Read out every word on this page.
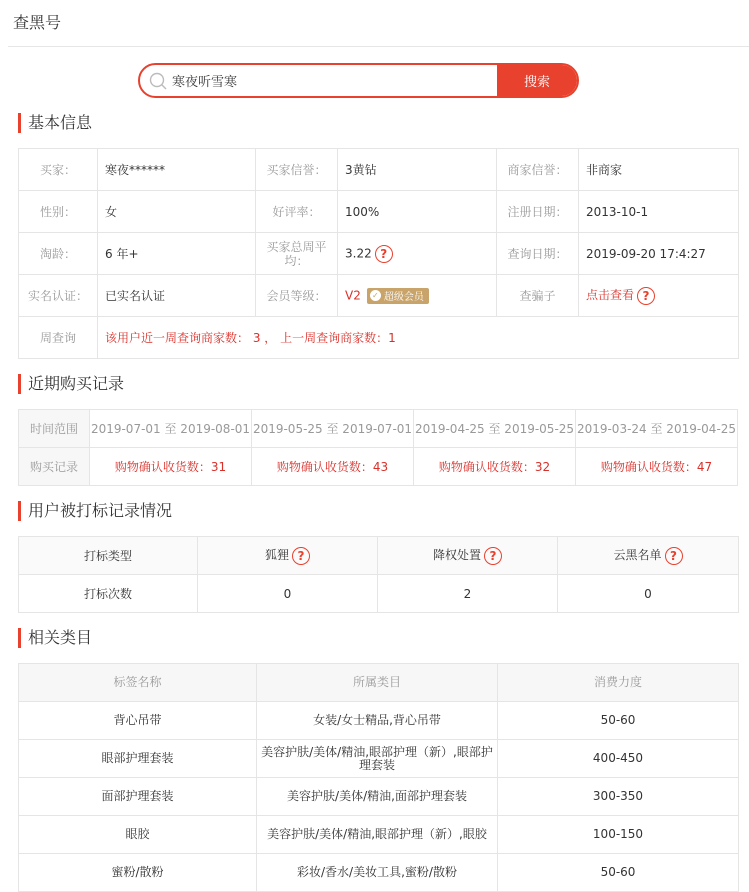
查黑号
寒夜听雪寒
搜索
基本信息
买家：	寒夜******	买家信誉：	3黄钻	商家信誉：	非商家
性别：	女	好评率：	100%	注册日期：	2013-10-1
淘龄：	6 年+	买家总周平均：	3.22 ?	查询日期：	2019-09-20 17:4:27
实名认证：	已实名认证	会员等级：	V2 ✓ 超级会员	查骗子	点击查看 ?
周查询	该用户近一周查询商家数： 3 ， 上一周查询商家数：1				
近期购买记录
时间范围	2019-07-01 至 2019-08-01	2019-05-25 至 2019-07-01	2019-04-25 至 2019-05-25	2019-03-24 至 2019-04-25
购买记录	购物确认收货数：31	购物确认收货数：43	购物确认收货数：32	购物确认收货数：47
用户被打标记录情况
打标类型	狐狸 ?	降权处置 ?	云黑名单 ?
打标次数	0	2	0
相关类目
标签名称	所属类目	消费力度
背心吊带	女装/女士精品,背心吊带	50-60
眼部护理套装	美容护肤/美体/精油,眼部护理（新）,眼部护理套装	400-450
面部护理套装	美容护肤/美体/精油,面部护理套装	300-350
眼胶	美容护肤/美体/精油,眼部护理（新）,眼胶	100-150
蜜粉/散粉	彩妆/香水/美妆工具,蜜粉/散粉	50-60
